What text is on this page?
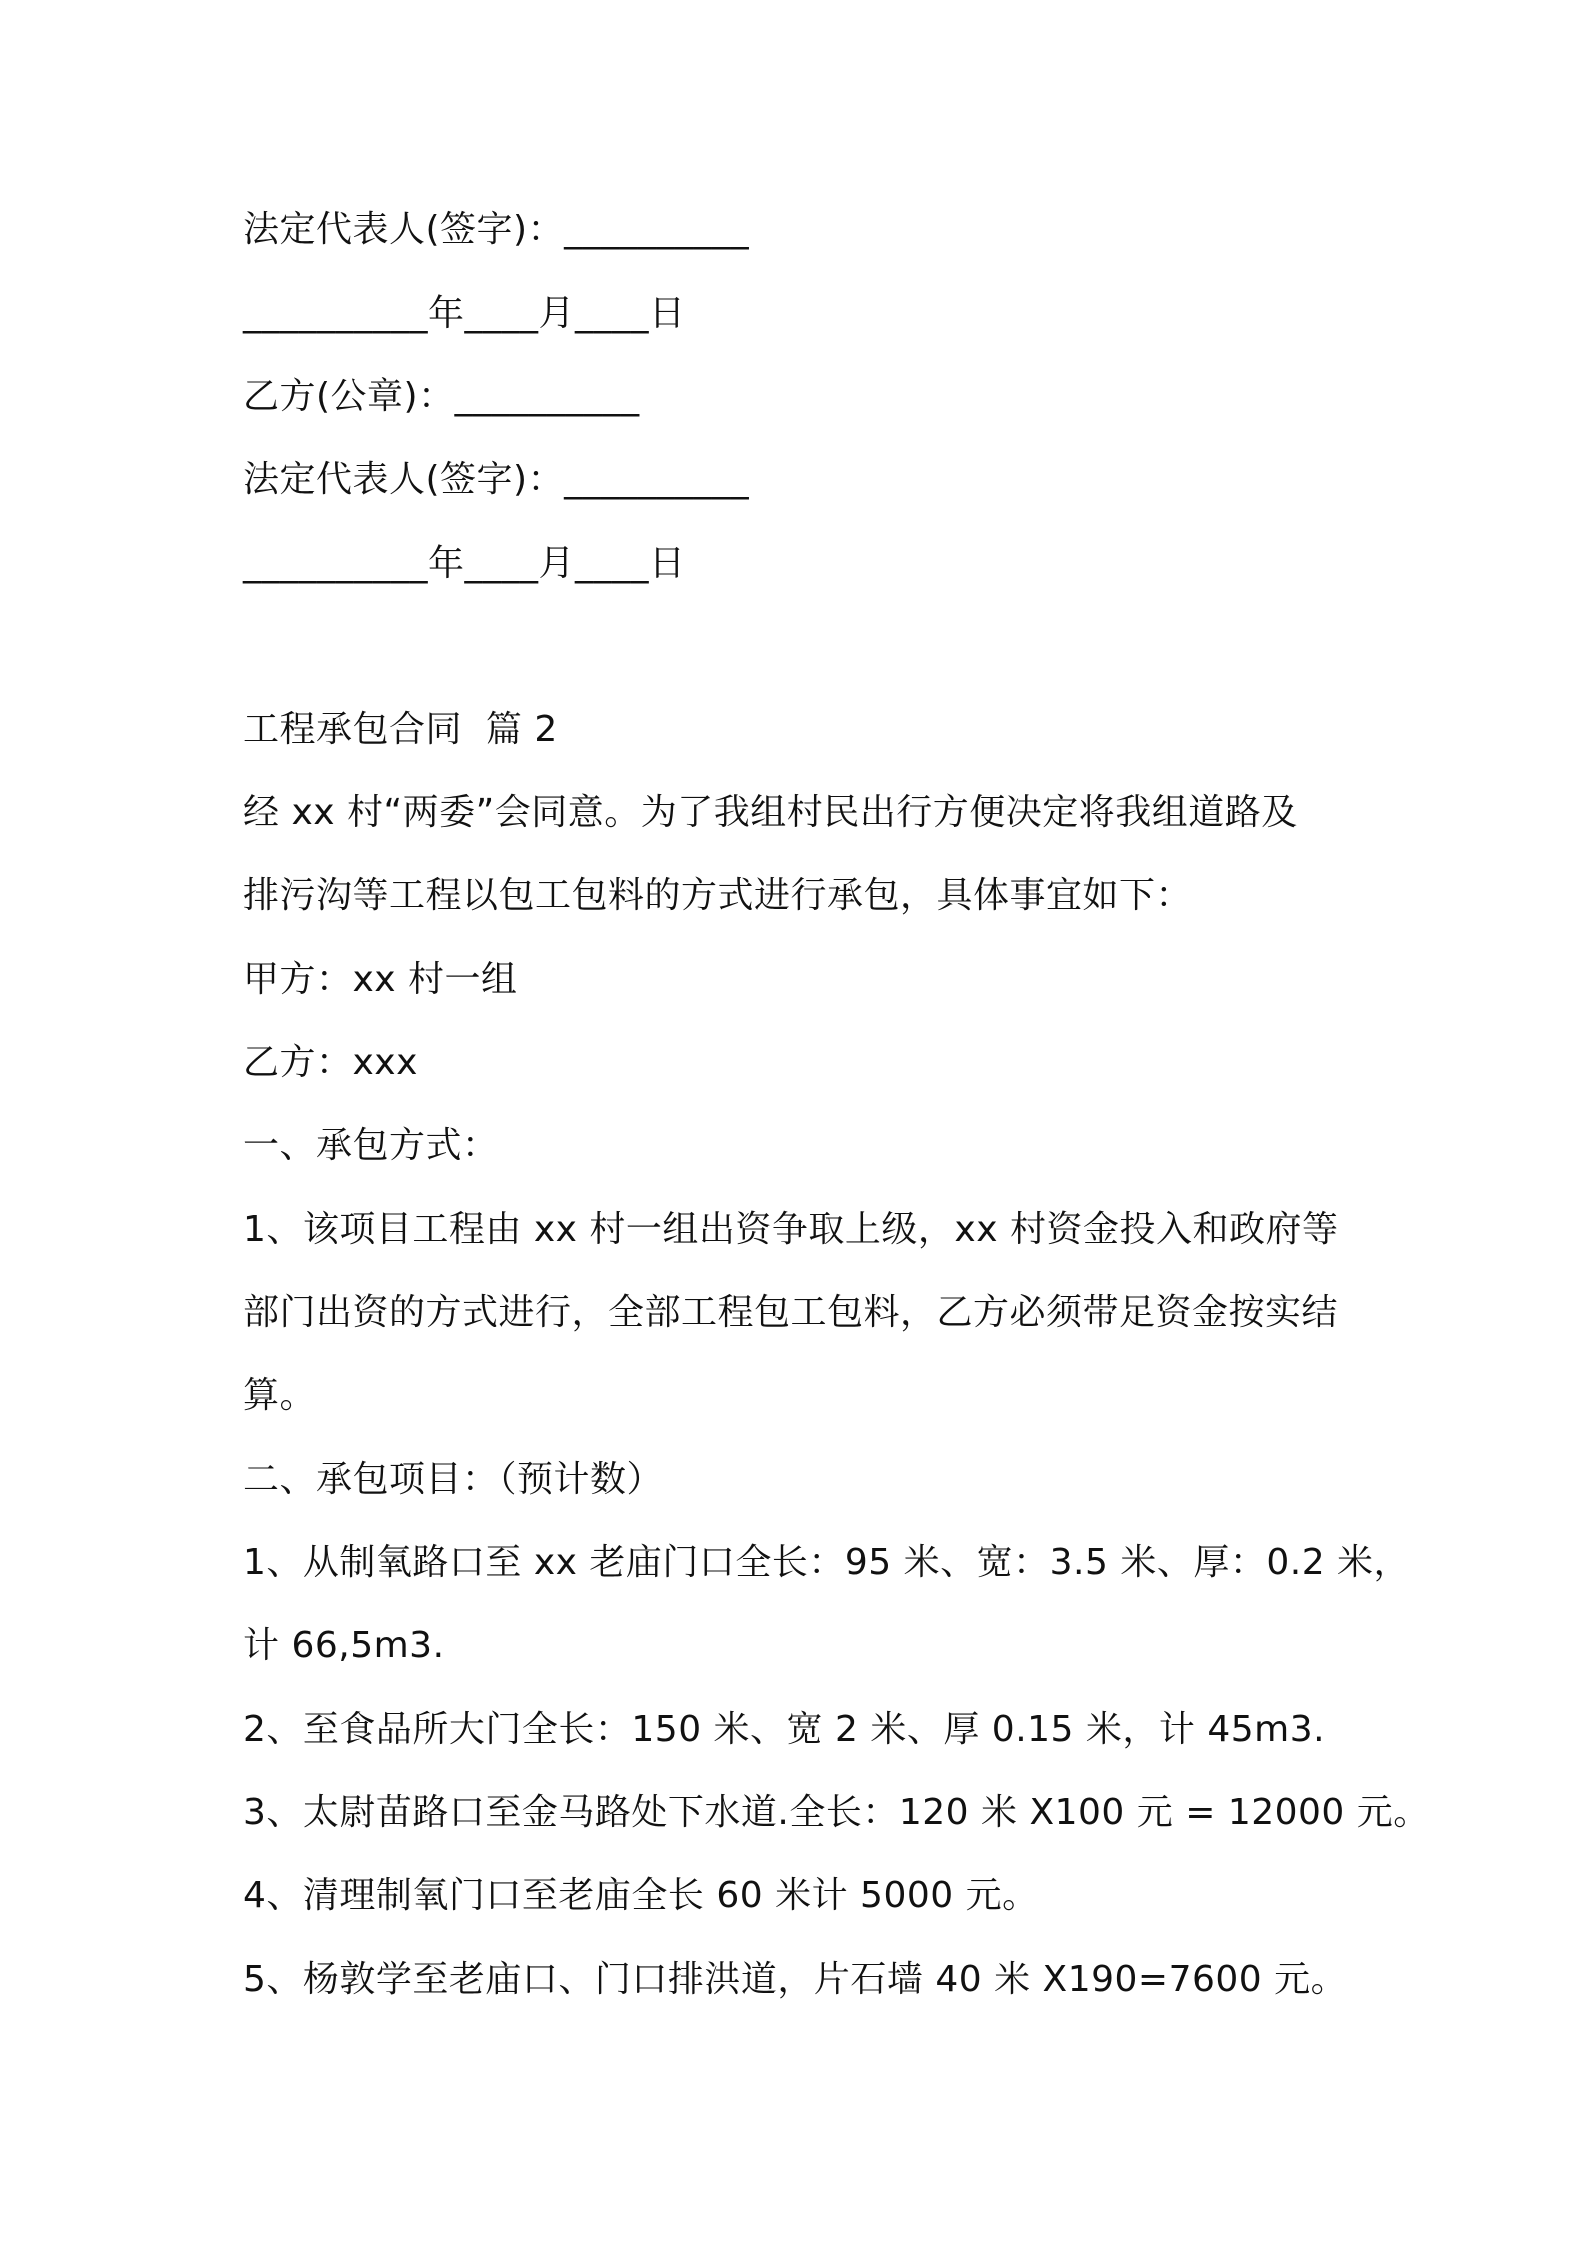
法定代表人(签字)：__________
__________年____月____日
乙方(公章)：__________
法定代表人(签字)：__________
__________年____月____日
工程承包合同  篇 2
经 xx 村“两委”会同意。为了我组村民出行方便决定将我组道路及
排污沟等工程以包工包料的方式进行承包，具体事宜如下：
甲方：xx 村一组
乙方：xxx
一、承包方式：
1、该项目工程由 xx 村一组出资争取上级，xx 村资金投入和政府等
部门出资的方式进行，全部工程包工包料，乙方必须带足资金按实结
算。
二、承包项目：（预计数）
1、从制氧路口至 xx 老庙门口全长：95 米、宽：3.5 米、厚：0.2 米，
计 66,5m3.
2、至食品所大门全长：150 米、宽 2 米、厚 0.15 米，计 45m3.
3、太尉苗路口至金马路处下水道.全长：120 米 X100 元 = 12000 元。
4、清理制氧门口至老庙全长 60 米计 5000 元。
5、杨敦学至老庙口、门口排洪道，片石墙 40 米 X190=7600 元。
